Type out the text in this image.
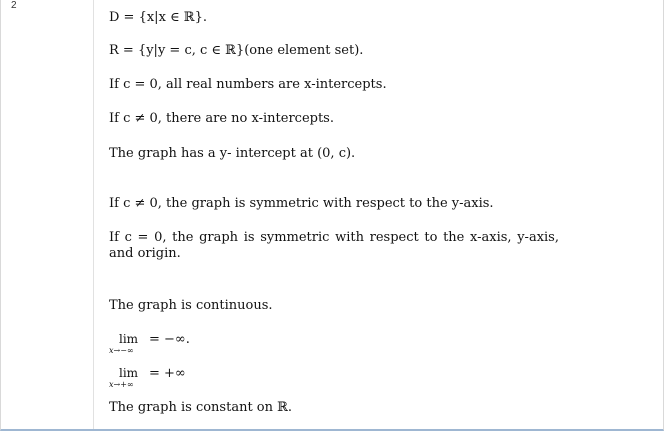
2
D = {x|x ∈ ℝ}.
R = {y|y = c, c ∈ ℝ}(one element set).
If c = 0, all real numbers are x-intercepts.
If c ≠ 0, there are no x-intercepts.
The graph has a y- intercept at (0, c).
If c ≠ 0, the graph is symmetric with respect to the y-axis.
If c = 0, the graph is symmetric with respect to the x-axis, y-axis, and origin.
The graph is continuous.
lim
x→−∞
= −∞.
lim
x→+∞
= +∞
The graph is constant on ℝ.
